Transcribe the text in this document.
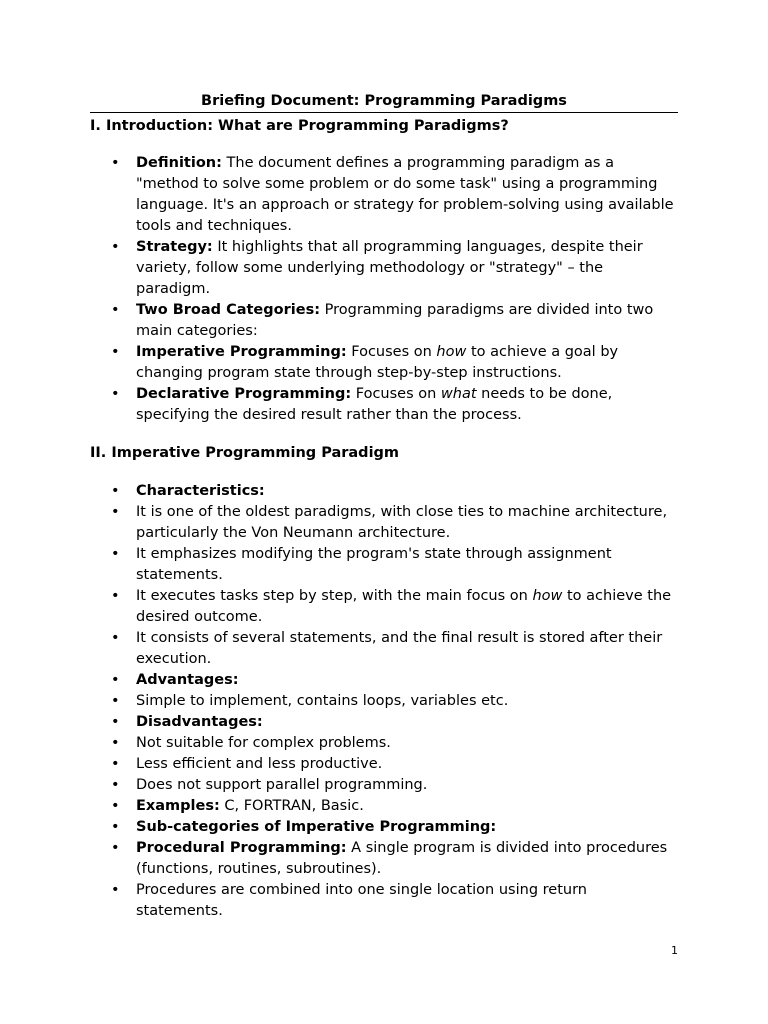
Briefing Document: Programming Paradigms
I. Introduction: What are Programming Paradigms?
• Definition: The document defines a programming paradigm as a "method to solve some problem or do some task" using a programming language. It's an approach or strategy for problem-solving using available tools and techniques.
• Strategy: It highlights that all programming languages, despite their variety, follow some underlying methodology or "strategy" – the paradigm.
• Two Broad Categories: Programming paradigms are divided into two main categories:
• Imperative Programming: Focuses on how to achieve a goal by changing program state through step-by-step instructions.
• Declarative Programming: Focuses on what needs to be done, specifying the desired result rather than the process.
II. Imperative Programming Paradigm
• Characteristics:
• It is one of the oldest paradigms, with close ties to machine architecture, particularly the Von Neumann architecture.
• It emphasizes modifying the program's state through assignment statements.
• It executes tasks step by step, with the main focus on how to achieve the desired outcome.
• It consists of several statements, and the final result is stored after their execution.
• Advantages:
• Simple to implement, contains loops, variables etc.
• Disadvantages:
• Not suitable for complex problems.
• Less efficient and less productive.
• Does not support parallel programming.
• Examples: C, FORTRAN, Basic.
• Sub-categories of Imperative Programming:
• Procedural Programming: A single program is divided into procedures (functions, routines, subroutines).
• Procedures are combined into one single location using return statements.
1
